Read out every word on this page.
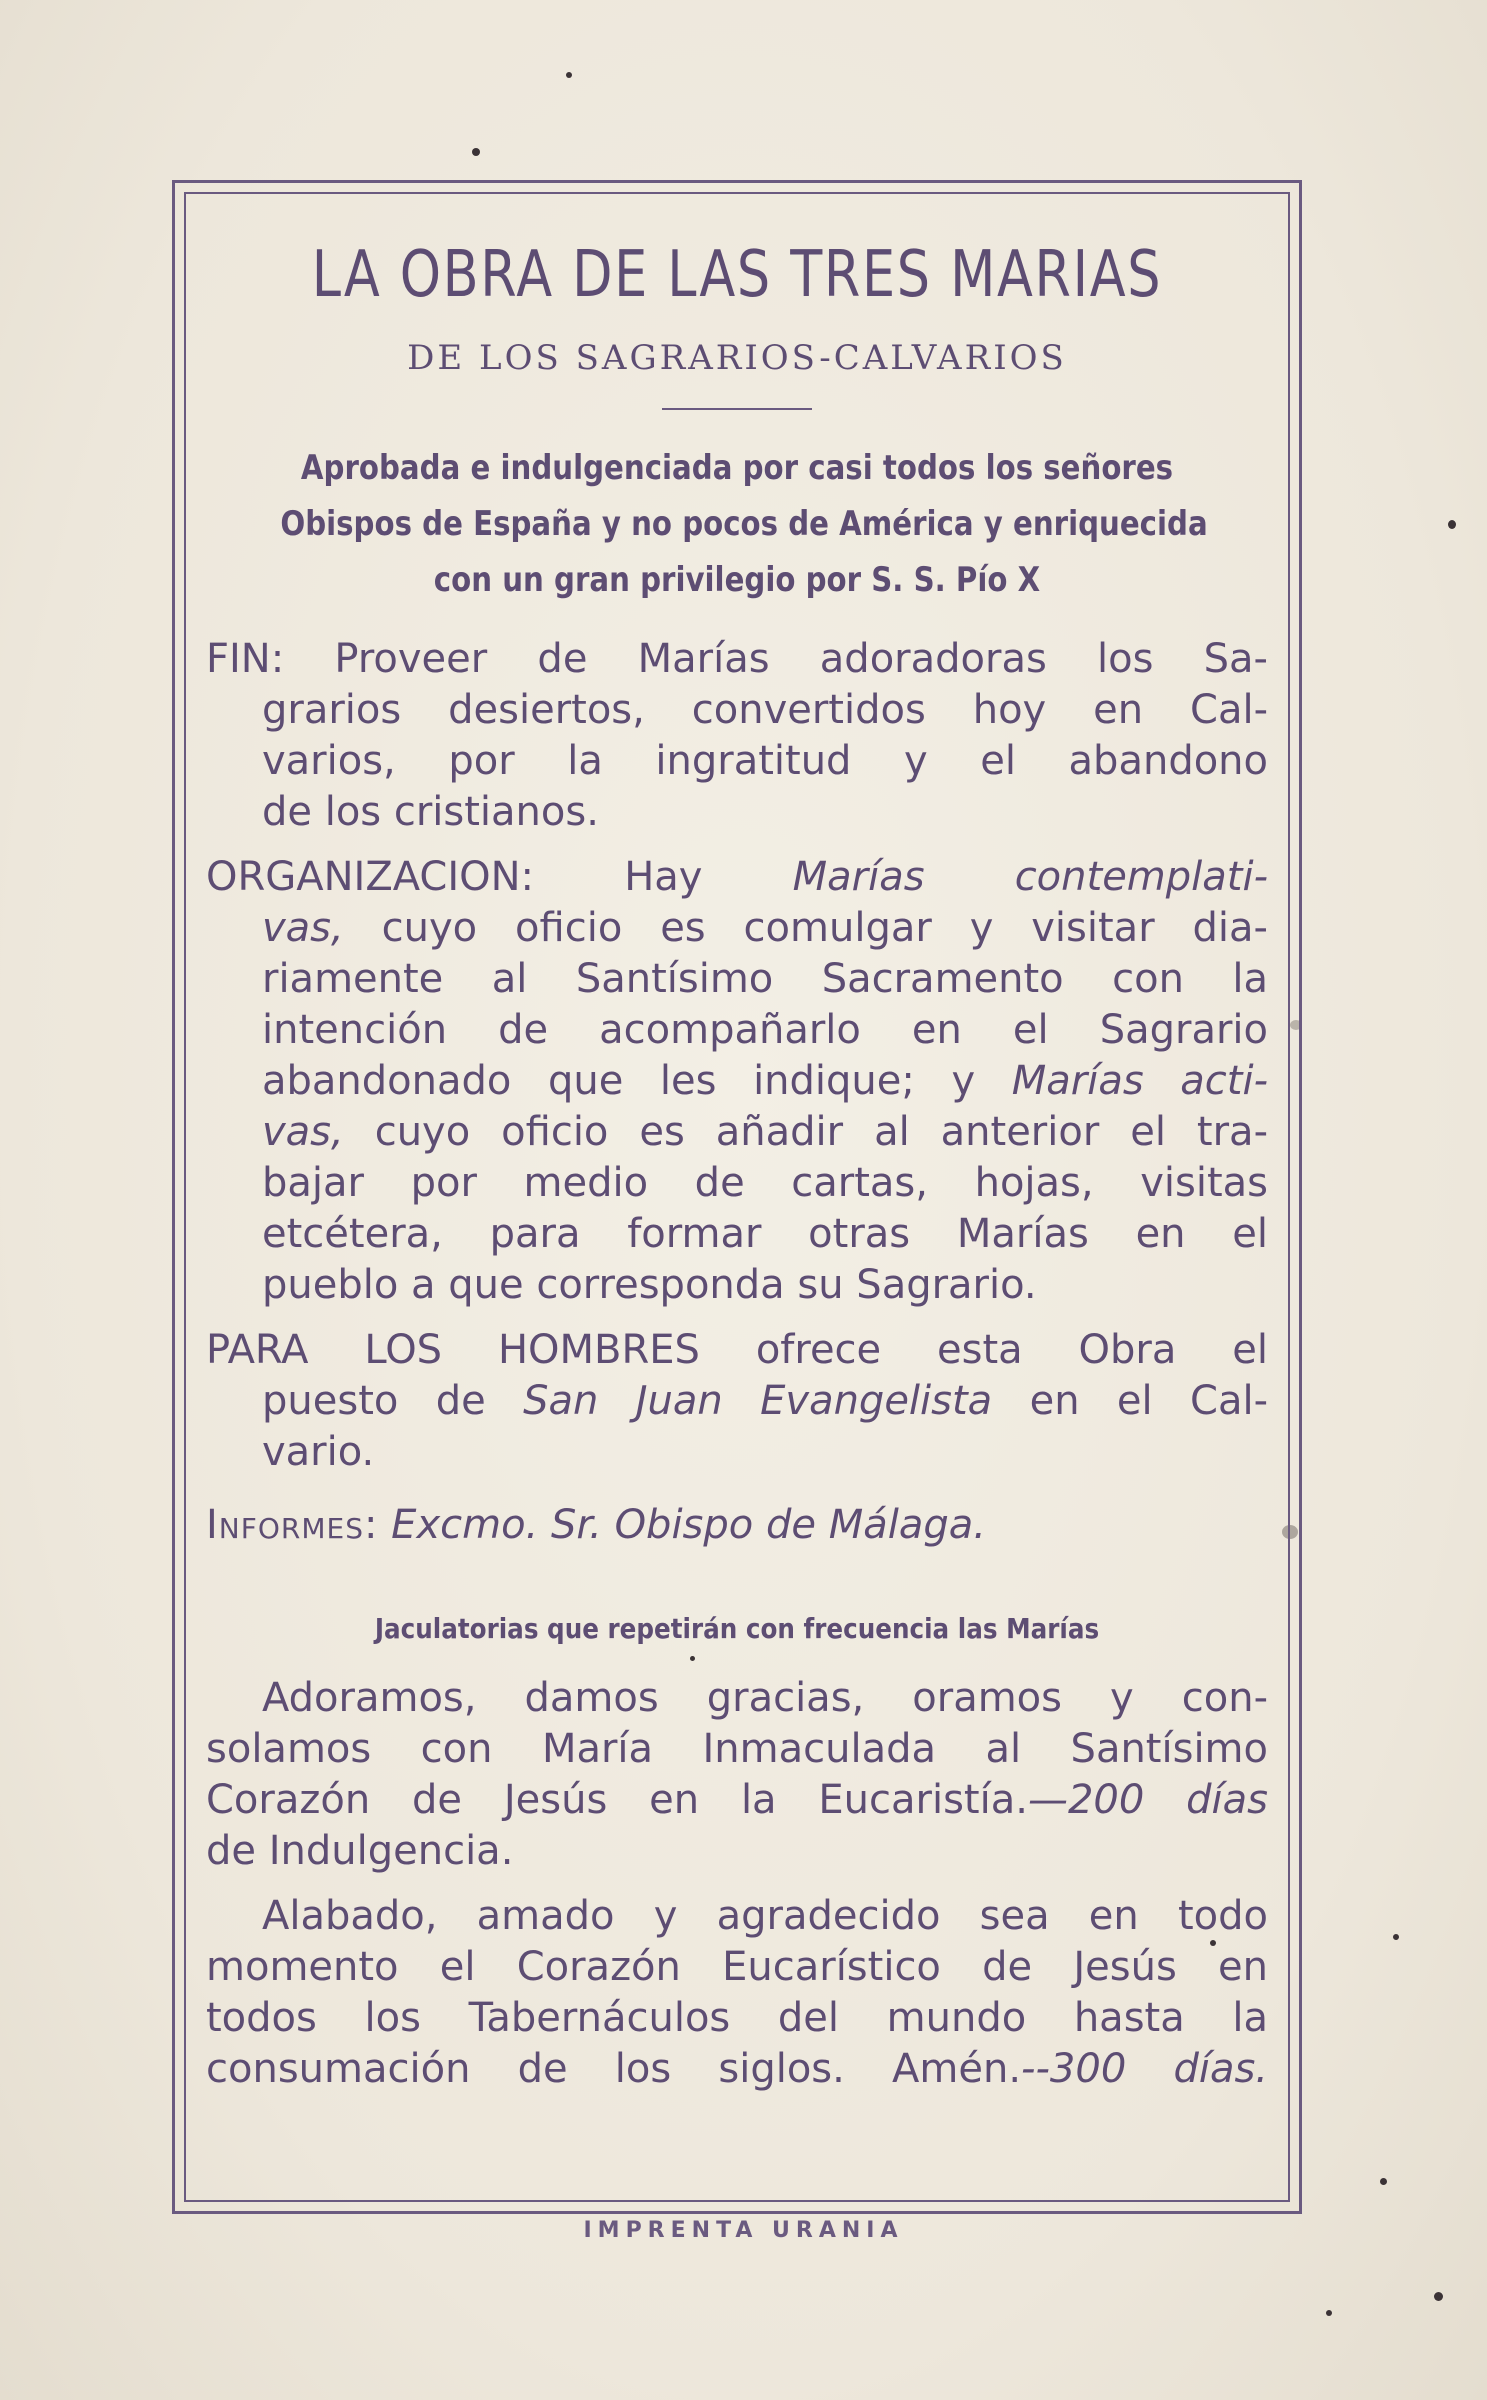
LA OBRA DE LAS TRES MARIAS
DE LOS SAGRARIOS-CALVARIOS
Aprobada e indulgenciada por casi todos los señores
Obispos de España y no pocos de América y enriquecida
con un gran privilegio por S. S. Pío X
FIN: Proveer de Marías adoradoras los Sa-
grarios desiertos, convertidos hoy en Cal-
varios, por la ingratitud y el abandono
de los cristianos.
ORGANIZACION: Hay Marías contemplati-
vas, cuyo oficio es comulgar y visitar dia-
riamente al Santísimo Sacramento con la
intención de acompañarlo en el Sagrario
abandonado que les indique; y Marías acti-
vas, cuyo oficio es añadir al anterior el tra-
bajar por medio de cartas, hojas, visitas
etcétera, para formar otras Marías en el
pueblo a que corresponda su Sagrario.
PARA LOS HOMBRES ofrece esta Obra el
puesto de San Juan Evangelista en el Cal-
vario.
Informes: Excmo. Sr. Obispo de Málaga.
Jaculatorias que repetirán con frecuencia las Marías
Adoramos, damos gracias, oramos y con-
solamos con María Inmaculada al Santísimo
Corazón de Jesús en la Eucaristía.—200 días
de Indulgencia.
Alabado, amado y agradecido sea en todo
momento el Corazón Eucarístico de Jesús en
todos los Tabernáculos del mundo hasta la
consumación de los siglos. Amén.--300 días.
IMPRENTA URANIA
